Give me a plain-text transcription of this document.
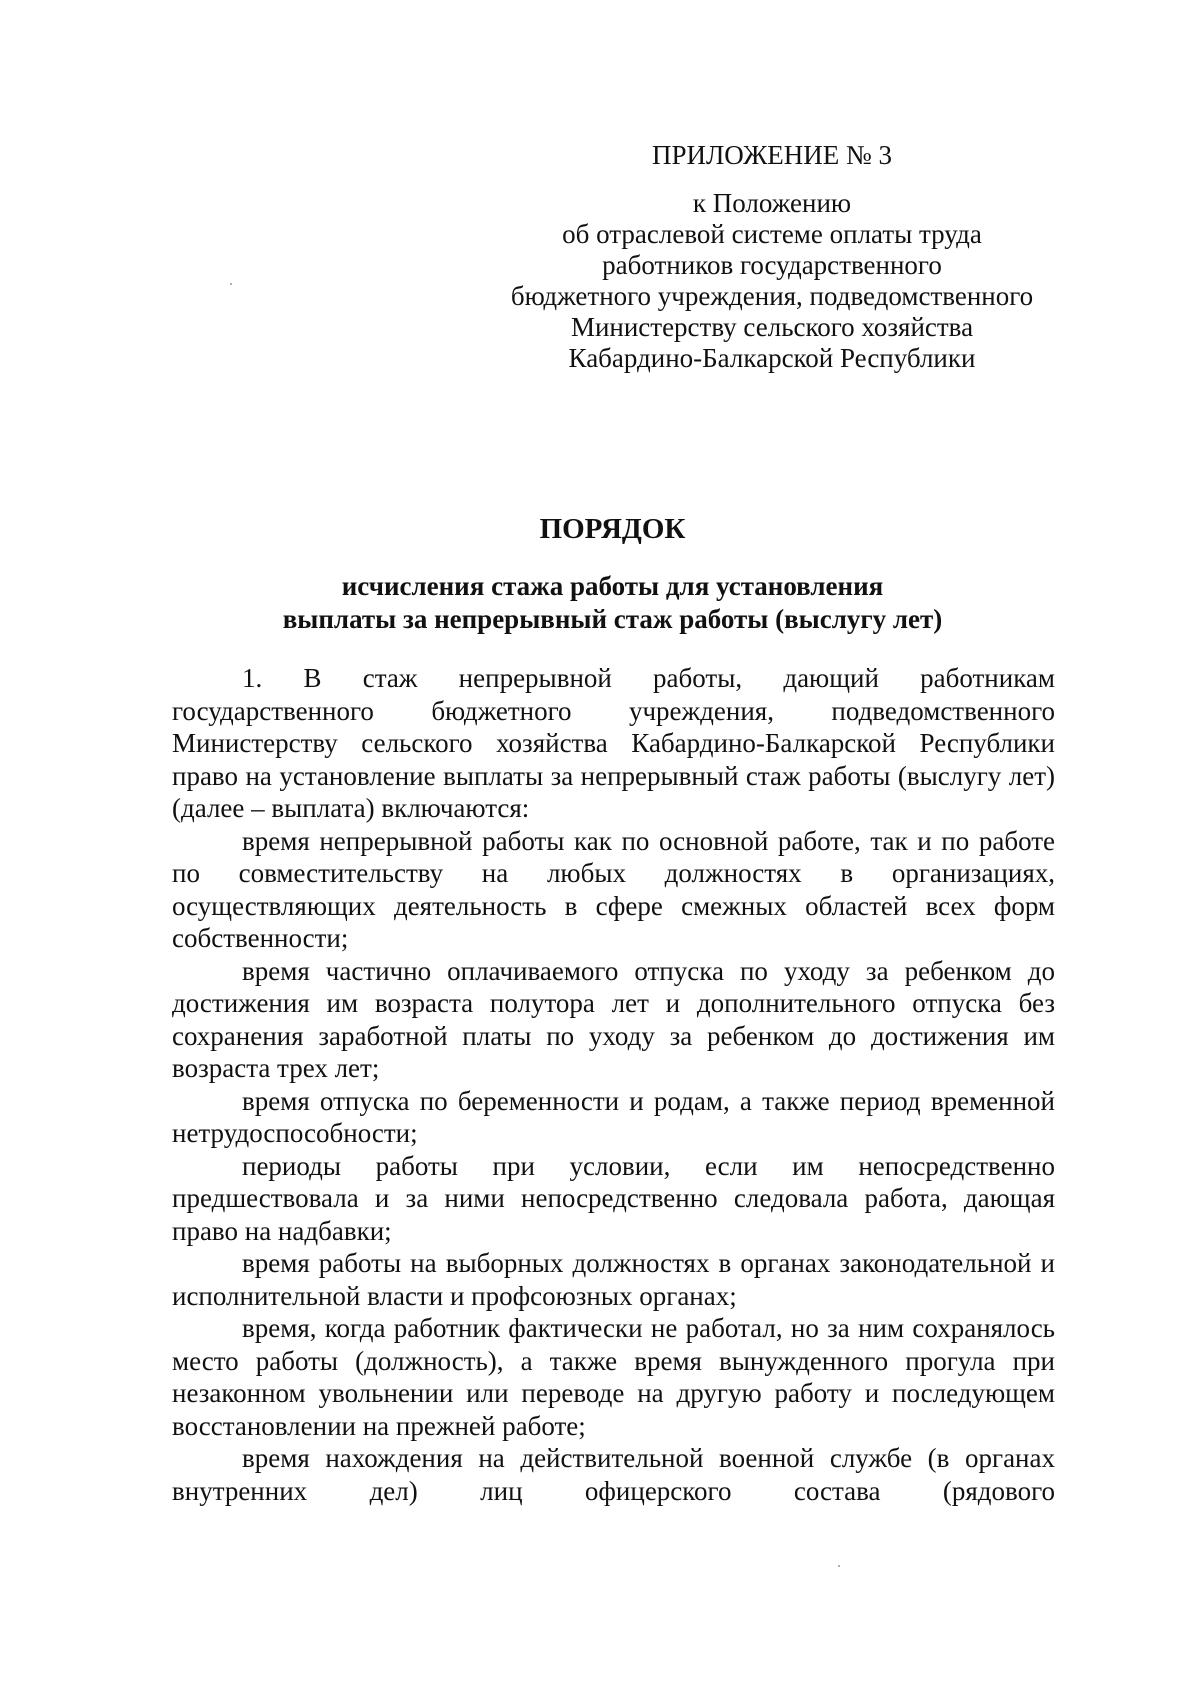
ПРИЛОЖЕНИЕ № 3

к Положению

об отраслевой системе оплаты труда

работников государственного

бюджетного учреждения, подведомственного

Министерству сельского хозяйства

Кабардино-Балкарской Республики

ПОРЯДОК

исчисления стажа работы для установления

выплаты за непрерывный стаж работы (выслугу лет)

1. В стаж непрерывной работы, дающий работникам государственного бюджетного учреждения, подведомственного Министерству сельского хозяйства Кабардино-Балкарской Республики право на установление выплаты за непрерывный стаж работы (выслугу лет) (далее – выплата) включаются:

время непрерывной работы как по основной работе, так и по работе по совместительству на любых должностях в организациях, осуществляющих деятельность в сфере смежных областей всех форм собственности;

время частично оплачиваемого отпуска по уходу за ребенком до достижения им возраста полутора лет и дополнительного отпуска без сохранения заработной платы по уходу за ребенком до достижения им возраста трех лет;

время отпуска по беременности и родам, а также период временной нетрудоспособности;

периоды работы при условии, если им непосредственно предшествовала и за ними непосредственно следовала работа, дающая право на надбавки;

время работы на выборных должностях в органах законодательной и исполнительной власти и профсоюзных органах;

время, когда работник фактически не работал, но за ним сохранялось место работы (должность), а также время вынужденного прогула при незаконном увольнении или переводе на другую работу и последующем восстановлении на прежней работе;

время нахождения на действительной военной службе (в органах внутренних дел) лиц офицерского состава (рядового
